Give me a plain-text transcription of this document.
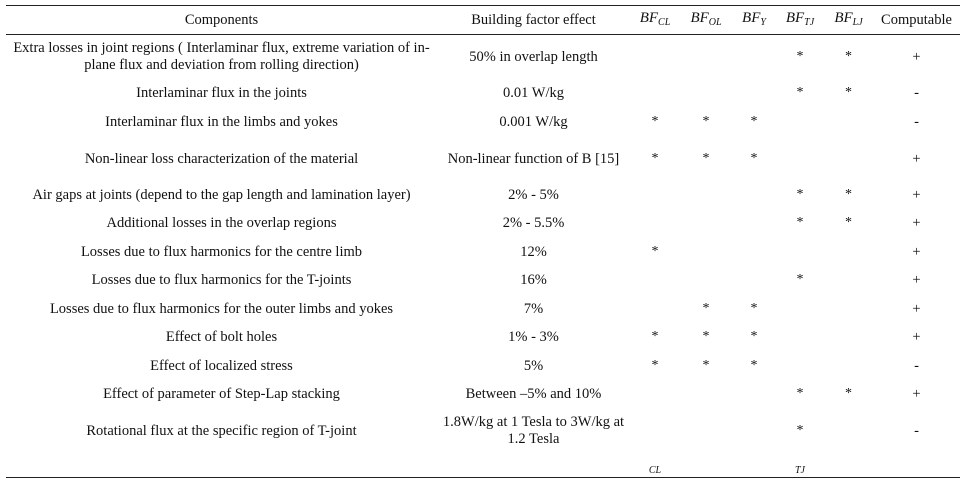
Components	Building factor effect	$BF_{CL}$	$BF_{OL}$	$BF_Y$	$BF_{TJ}$	$BF_{LJ}$	Computable
Extra losses in joint regions ( Interlaminar flux, extreme variation of in-plane flux and deviation from rolling direction)	50% in overlap length				*	*	+
Interlaminar flux in the joints	0.01 W/kg				*	*	-
Interlaminar flux in the limbs and yokes	0.001 W/kg	*	*	*			-
Non-linear loss characterization of the material	Non-linear function of B [15]	*	*	*			+
Air gaps at joints (depend to the gap length and lamination layer)	2% - 5%				*	*	+
Additional losses in the overlap regions	2% - 5.5%				*	*	+
Losses due to flux harmonics for the centre limb	12%	*					+
Losses due to flux harmonics for the T-joints	16%				*		+
Losses due to flux harmonics for the outer limbs and yokes	7%		*	*			+
Effect of bolt holes	1% - 3%	*	*	*			+
Effect of localized stress	5%	*	*	*			-
Effect of parameter of Step-Lap stacking	Between –5% and 10%				*	*	+
Rotational flux at the specific region of T-joint	1.8W/kg at 1 Tesla to 3W/kg at 1.2 Tesla				*		-
		$_{CL}$			$_{TJ}$		
